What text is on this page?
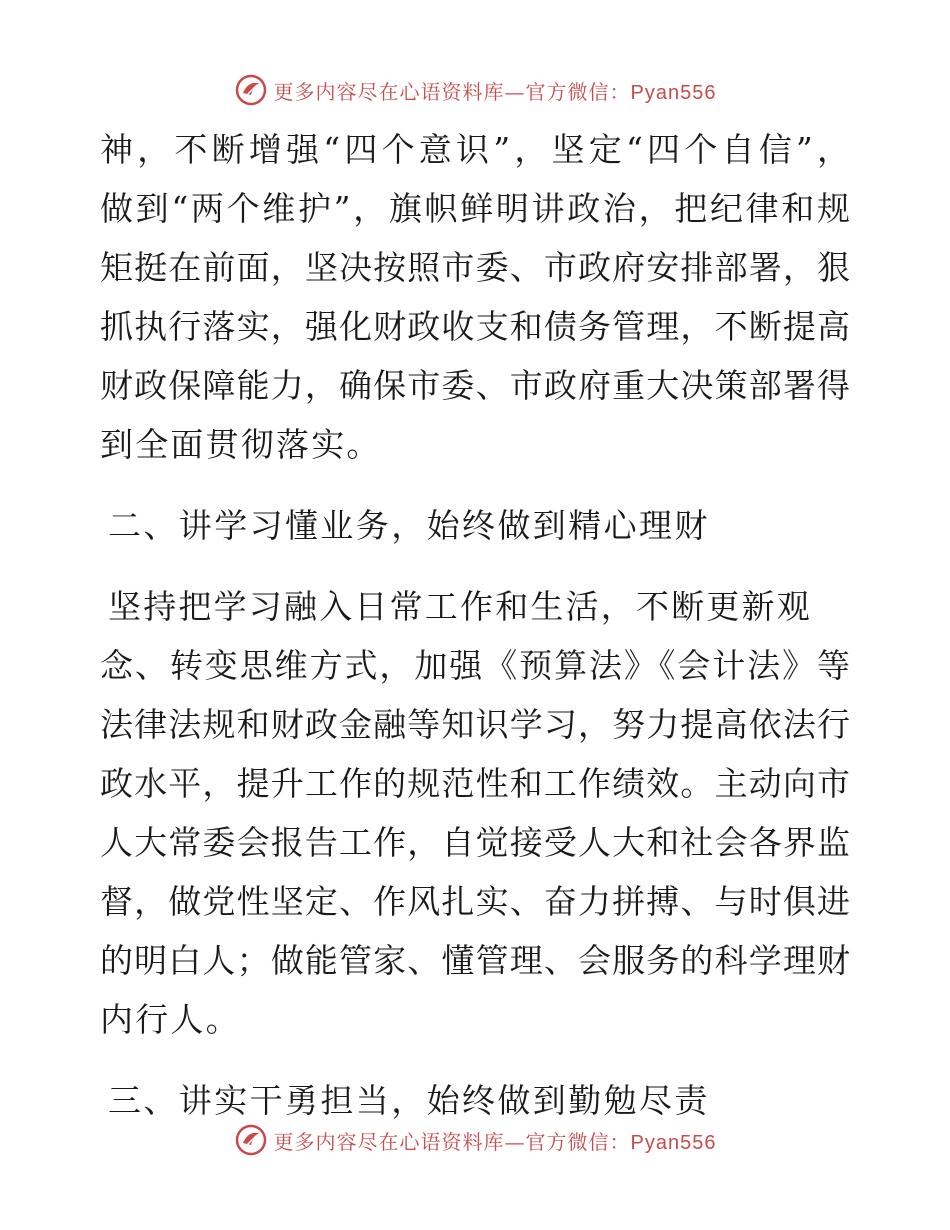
更多内容尽在心语资料库—官方微信：Pyan556
神，不断增强“四个意识”，坚定“四个自信”，
做到“两个维护”，旗帜鲜明讲政治，把纪律和规
矩挺在前面，坚决按照市委、市政府安排部署，狠
抓执行落实，强化财政收支和债务管理，不断提高
财政保障能力，确保市委、市政府重大决策部署得
到全面贯彻落实。
二、讲学习懂业务，始终做到精心理财
坚持把学习融入日常工作和生活，不断更新观
念、转变思维方式，加强《预算法》《会计法》等
法律法规和财政金融等知识学习，努力提高依法行
政水平，提升工作的规范性和工作绩效。主动向市
人大常委会报告工作，自觉接受人大和社会各界监
督，做党性坚定、作风扎实、奋力拼搏、与时俱进
的明白人；做能管家、懂管理、会服务的科学理财
内行人。
三、讲实干勇担当，始终做到勤勉尽责
更多内容尽在心语资料库—官方微信：Pyan556
